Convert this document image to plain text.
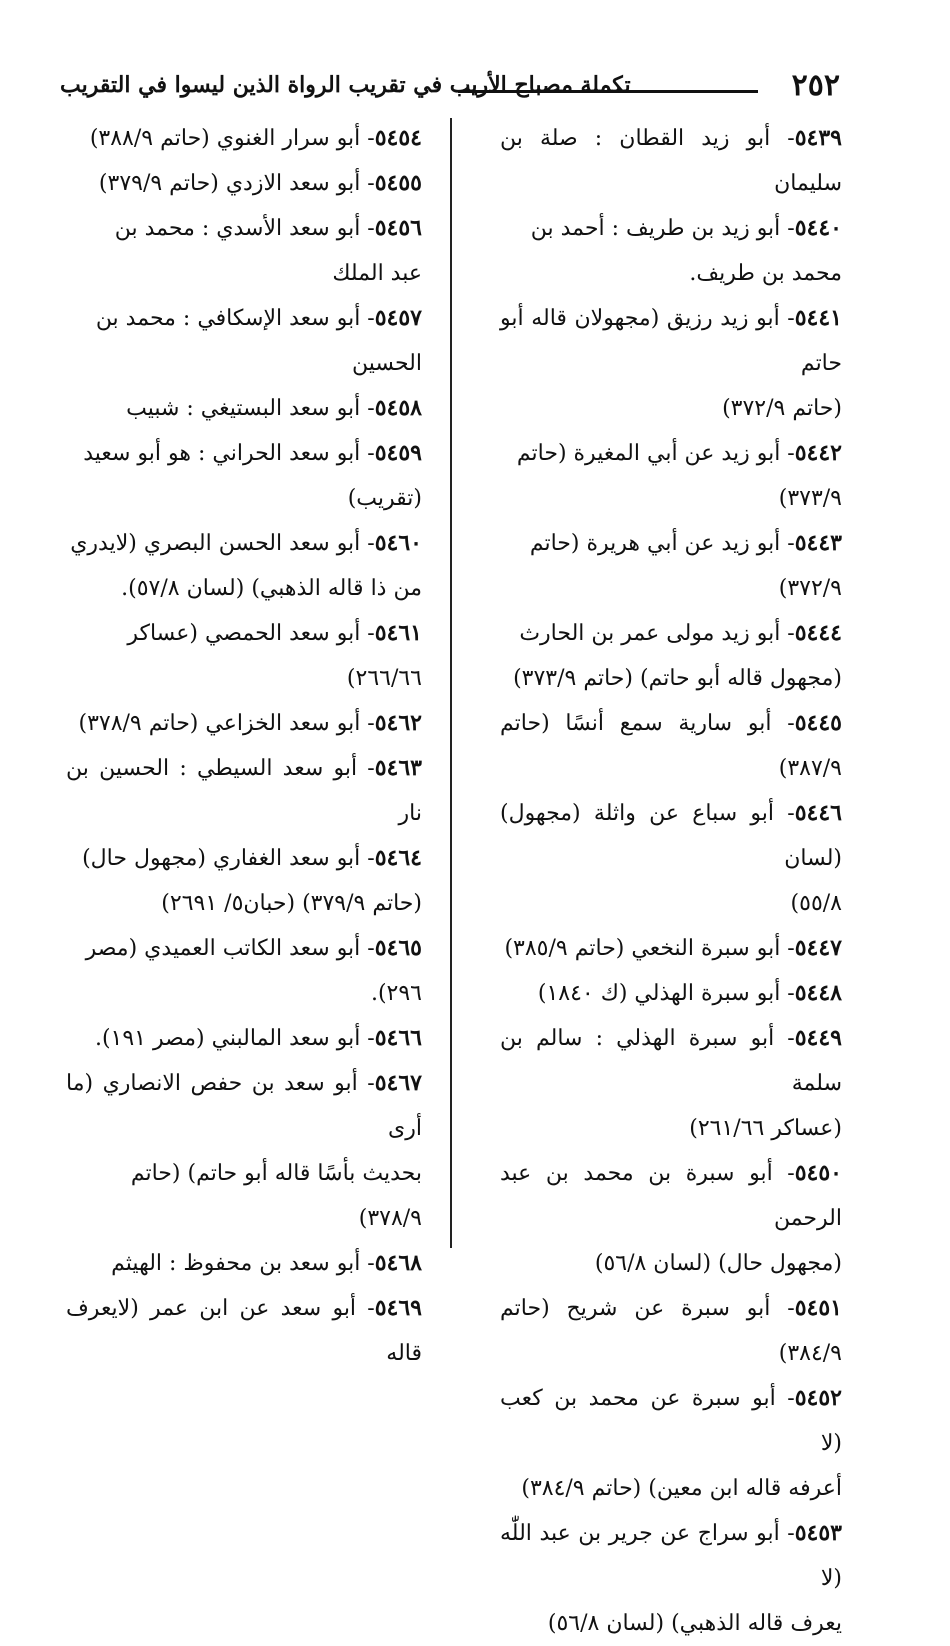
٢٥٢
تكملة مصباح الأريب في تقريب الرواة الذين ليسوا في التقريب

٥٤٣٩- أبو زيد القطان : صلة بن سليمان

٥٤٤٠- أبو زيد بن طريف : أحمد بن
محمد بن طريف.

٥٤٤١- أبو زيد رزيق (مجهولان قاله أبو حاتم
(حاتم ٣٧٢/٩)

٥٤٤٢- أبو زيد عن أبي المغيرة (حاتم
٣٧٣/٩)

٥٤٤٣- أبو زيد عن أبي هريرة (حاتم
٣٧٢/٩)

٥٤٤٤- أبو زيد مولى عمر بن الحارث
(مجهول قاله أبو حاتم) (حاتم ٣٧٣/٩)

٥٤٤٥- أبو سارية سمع أنسًا (حاتم ٣٨٧/٩)

٥٤٤٦- أبو سباع عن واثلة (مجهول) (لسان
٥٥/٨)

٥٤٤٧- أبو سبرة النخعي (حاتم ٣٨٥/٩)

٥٤٤٨- أبو سبرة الهذلي (ك ١٨٤٠)

٥٤٤٩- أبو سبرة الهذلي : سالم بن سلمة
(عساكر ٢٦١/٦٦)

٥٤٥٠- أبو سبرة بن محمد بن عبد الرحمن
(مجهول حال) (لسان ٥٦/٨)

٥٤٥١- أبو سبرة عن شريح (حاتم ٣٨٤/٩)

٥٤٥٢- أبو سبرة عن محمد بن كعب (لا
أعرفه قاله ابن معين) (حاتم ٣٨٤/٩)

٥٤٥٣- أبو سراج عن جرير بن عبد اللّٰه (لا
يعرف قاله الذهبي) (لسان ٥٦/٨)

٥٤٥٤- أبو سرار الغنوي (حاتم ٣٨٨/٩)

٥٤٥٥- أبو سعد الازدي (حاتم ٣٧٩/٩)

٥٤٥٦- أبو سعد الأسدي : محمد بن
عبد الملك

٥٤٥٧- أبو سعد الإسكافي : محمد بن
الحسين

٥٤٥٨- أبو سعد البستيغي : شبيب

٥٤٥٩- أبو سعد الحراني : هو أبو سعيد
(تقريب)

٥٤٦٠- أبو سعد الحسن البصري (لايدري
من ذا قاله الذهبي) (لسان ٥٧/٨).

٥٤٦١- أبو سعد الحمصي (عساكر
٢٦٦/٦٦)

٥٤٦٢- أبو سعد الخزاعي (حاتم ٣٧٨/٩)

٥٤٦٣- أبو سعد السيطي : الحسين بن نار

٥٤٦٤- أبو سعد الغفاري (مجهول حال)
(حاتم ٣٧٩/٩) (حبان٥/ ٢٦٩١)

٥٤٦٥- أبو سعد الكاتب العميدي (مصر
٢٩٦).

٥٤٦٦- أبو سعد المالبني (مصر ١٩١).

٥٤٦٧- أبو سعد بن حفص الانصاري (ما أرى
بحديث بأسًا قاله أبو حاتم) (حاتم
٣٧٨/٩)

٥٤٦٨- أبو سعد بن محفوظ : الهيثم

٥٤٦٩- أبو سعد عن ابن عمر (لايعرف قاله
